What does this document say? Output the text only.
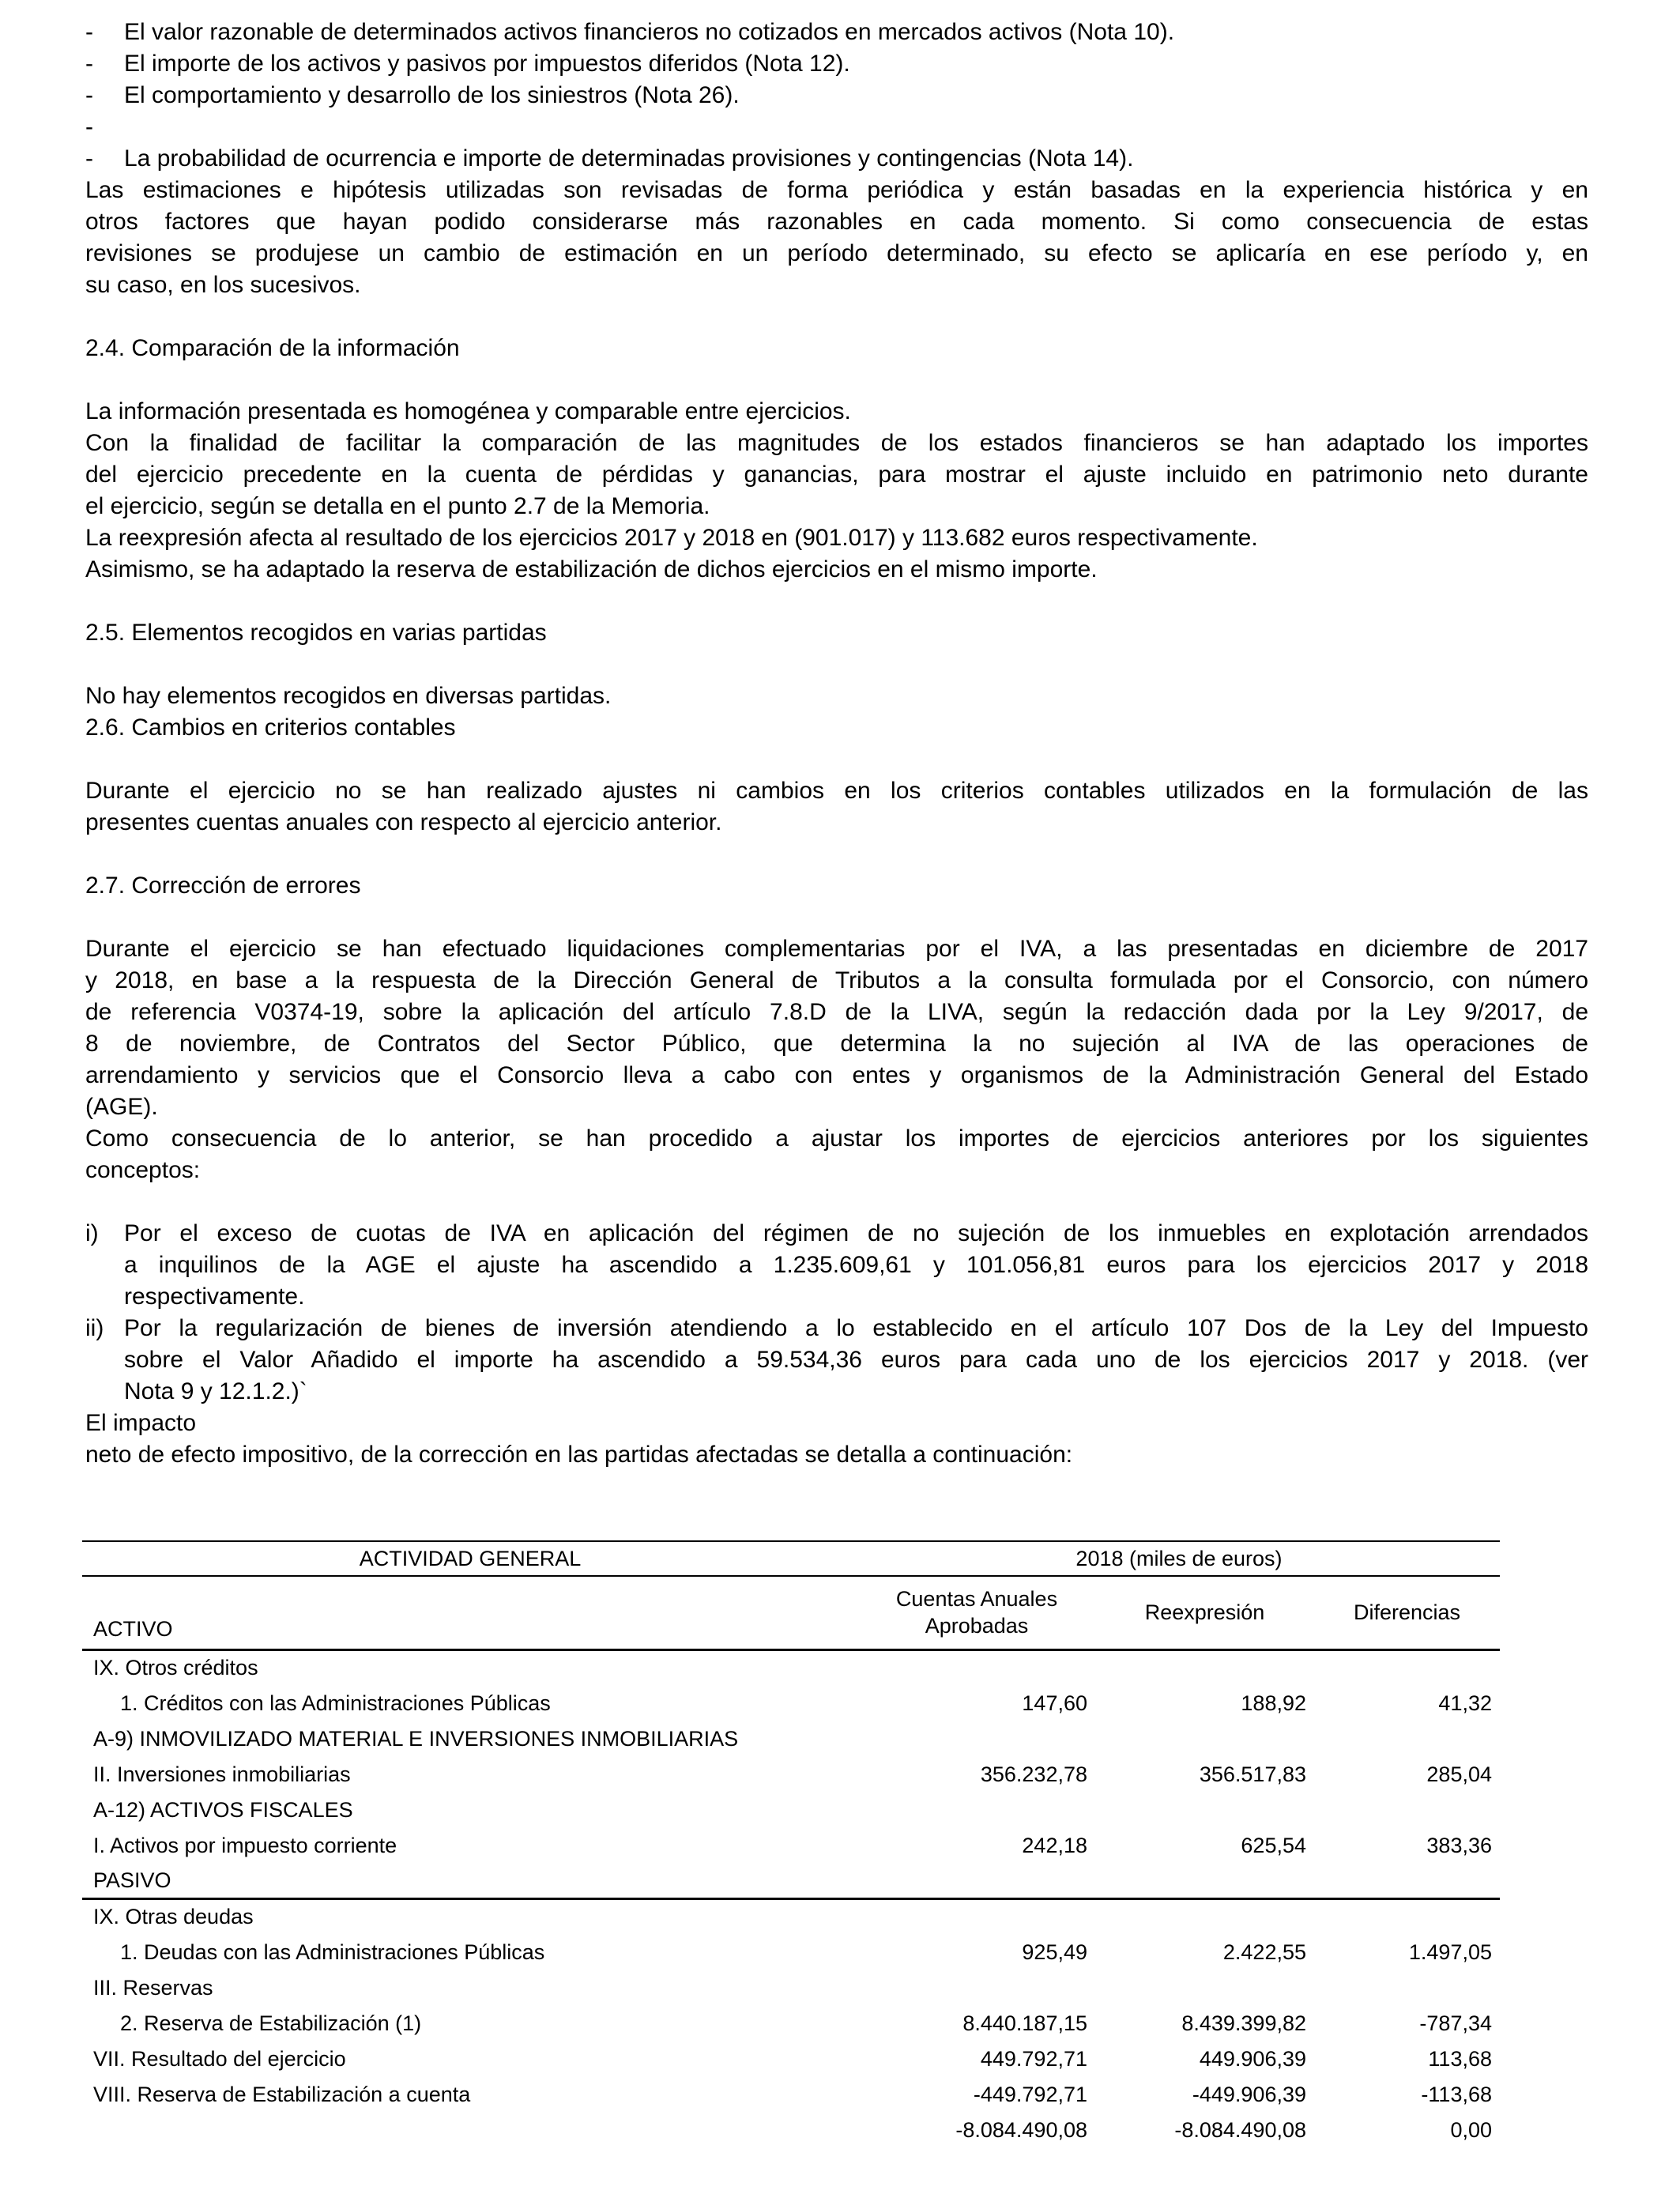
- El valor razonable de determinados activos financieros no cotizados en mercados activos (Nota 10).
- El importe de los activos y pasivos por impuestos diferidos (Nota 12).
- El comportamiento y desarrollo de los siniestros (Nota 26).
-
- La probabilidad de ocurrencia e importe de determinadas provisiones y contingencias (Nota 14).
Las estimaciones e hipótesis utilizadas son revisadas de forma periódica y están basadas en la experiencia histórica y en
otros factores que hayan podido considerarse más razonables en cada momento. Si como consecuencia de estas
revisiones se produjese un cambio de estimación en un período determinado, su efecto se aplicaría en ese período y, en
su caso, en los sucesivos.
2.4. Comparación de la información
La información presentada es homogénea y comparable entre ejercicios.
Con la finalidad de facilitar la comparación de las magnitudes de los estados financieros se han adaptado los importes
del ejercicio precedente en la cuenta de pérdidas y ganancias, para mostrar el ajuste incluido en patrimonio neto durante
el ejercicio, según se detalla en el punto 2.7 de la Memoria.
La reexpresión afecta al resultado de los ejercicios 2017 y 2018 en (901.017) y 113.682 euros respectivamente.
Asimismo, se ha adaptado la reserva de estabilización de dichos ejercicios en el mismo importe.
2.5. Elementos recogidos en varias partidas
No hay elementos recogidos en diversas partidas.
2.6. Cambios en criterios contables
Durante el ejercicio no se han realizado ajustes ni cambios en los criterios contables utilizados en la formulación de las
presentes cuentas anuales con respecto al ejercicio anterior.
2.7. Corrección de errores
Durante el ejercicio se han efectuado liquidaciones complementarias por el IVA, a las presentadas en diciembre de 2017
y 2018, en base a la respuesta de la Dirección General de Tributos a la consulta formulada por el Consorcio, con número
de referencia V0374-19, sobre la aplicación del artículo 7.8.D de la LIVA, según la redacción dada por la Ley 9/2017, de
8 de noviembre, de Contratos del Sector Público, que determina la no sujeción al IVA de las operaciones de
arrendamiento y servicios que el Consorcio lleva a cabo con entes y organismos de la Administración General del Estado
(AGE).
Como consecuencia de lo anterior, se han procedido a ajustar los importes de ejercicios anteriores por los siguientes
conceptos:
i)	Por el exceso de cuotas de IVA en aplicación del régimen de no sujeción de los inmuebles en explotación arrendados
a inquilinos de la AGE el ajuste ha ascendido a 1.235.609,61 y 101.056,81 euros para los ejercicios 2017 y 2018
respectivamente.
ii) Por la regularización de bienes de inversión atendiendo a lo establecido en el artículo 107 Dos de la Ley del Impuesto
sobre el Valor Añadido el importe ha ascendido a 59.534,36 euros para cada uno de los ejercicios 2017 y 2018. (ver
Nota 9 y 12.1.2.)`
El impacto
neto de efecto impositivo, de la corrección en las partidas afectadas se detalla a continuación:
ACTIVIDAD GENERAL	2018 (miles de euros)		
ACTIVO	Cuentas Anuales Aprobadas	Reexpresión	Diferencias
IX. Otros créditos			
1. Créditos con las Administraciones Públicas	147,60	188,92	41,32
A-9) INMOVILIZADO MATERIAL E INVERSIONES INMOBILIARIAS			
II. Inversiones inmobiliarias	356.232,78	356.517,83	285,04
A-12) ACTIVOS FISCALES			
I. Activos por impuesto corriente	242,18	625,54	383,36
PASIVO			
IX. Otras deudas			
1. Deudas con las Administraciones Públicas	925,49	2.422,55	1.497,05
III. Reservas			
2. Reserva de Estabilización (1)	8.440.187,15	8.439.399,82	-787,34
VII. Resultado del ejercicio	449.792,71	449.906,39	113,68
VIII. Reserva de Estabilización a cuenta	-449.792,71	-449.906,39	-113,68
	-8.084.490,08	-8.084.490,08	0,00
